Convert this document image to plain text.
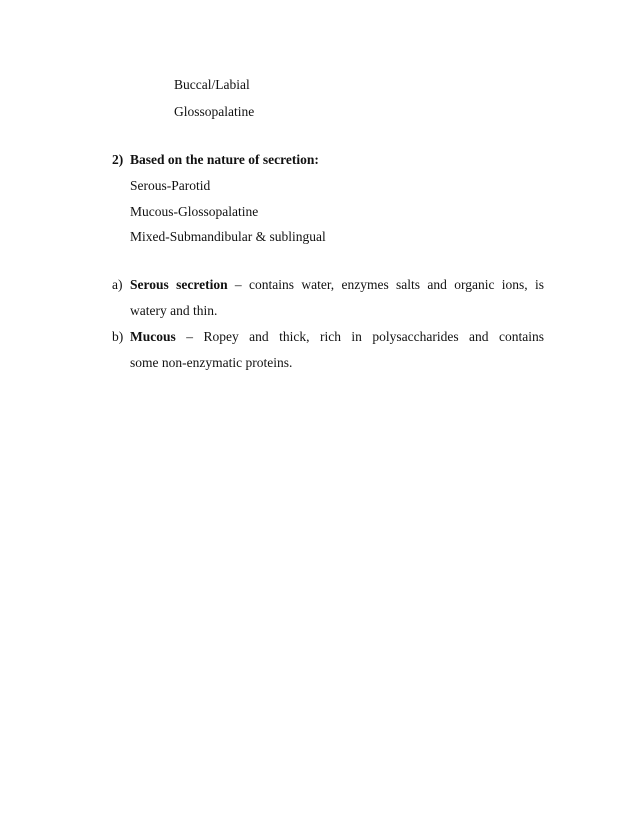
Buccal/Labial
Glossopalatine
2) Based on the nature of secretion:
Serous-Parotid
Mucous-Glossopalatine
Mixed-Submandibular & sublingual
a) Serous secretion – contains water, enzymes salts and organic ions, is
watery and thin.
b) Mucous – Ropey and thick, rich in polysaccharides and contains
some non-enzymatic proteins.
